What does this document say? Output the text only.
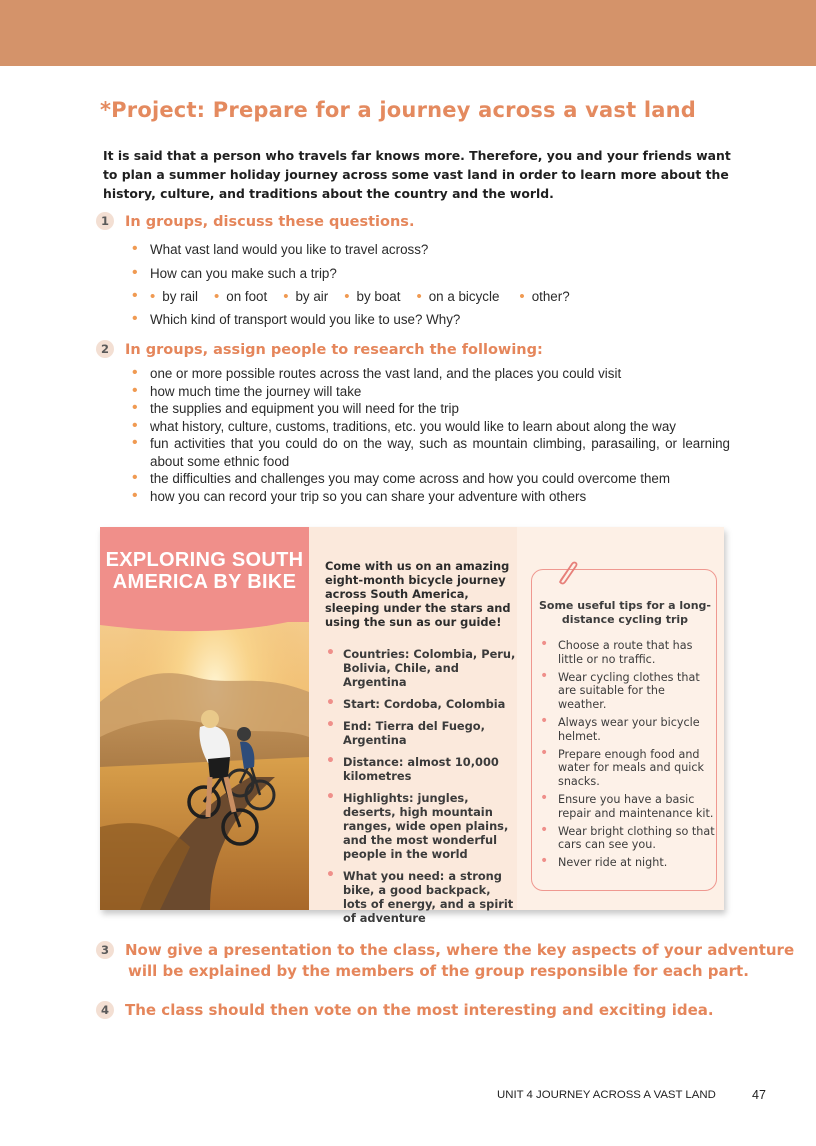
*Project: Prepare for a journey across a vast land

It is said that a person who travels far knows more. Therefore, you and your friends want to plan a summer holiday journey across some vast land in order to learn more about the history, culture, and traditions about the country and the world.

1 In groups, discuss these questions.
• What vast land would you like to travel across?
• How can you make such a trip?
• • by rail	• on foot	• by air	• by boat	• on a bicycle	• other?
• Which kind of transport would you like to use? Why?
2 In groups, assign people to research the following:
• one or more possible routes across the vast land, and the places you could visit
• how much time the journey will take
• the supplies and equipment you will need for the trip
• what history, culture, customs, traditions, etc. you would like to learn about along the way
• fun activities that you could do on the way, such as mountain climbing, parasailing, or learning about some ethnic food
• the difficulties and challenges you may come across and how you could overcome them
• how you can record your trip so you can share your adventure with others
EXPLORING SOUTH AMERICA BY BIKE

Come with us on an amazing eight-month bicycle journey across South America, sleeping under the stars and using the sun as our guide!

• Countries: Colombia, Peru, Bolivia, Chile, and Argentina
• Start: Cordoba, Colombia
• End: Tierra del Fuego, Argentina
• Distance: almost 10,000 kilometres
• Highlights: jungles, deserts, high mountain ranges, wide open plains, and the most wonderful people in the world
• What you need: a strong bike, a good backpack, lots of energy, and a spirit of adventure
Some useful tips for a long-distance cycling trip
• Choose a route that has little or no traffic.
• Wear cycling clothes that are suitable for the weather.
• Always wear your bicycle helmet.
• Prepare enough food and water for meals and quick snacks.
• Ensure you have a basic repair and maintenance kit.
• Wear bright clothing so that cars can see you.
• Never ride at night.
3 Now give a presentation to the class, where the key aspects of your adventure
will be explained by the members of the group responsible for each part.
4 The class should then vote on the most interesting and exciting idea.
UNIT 4 JOURNEY ACROSS A VAST LAND	47
